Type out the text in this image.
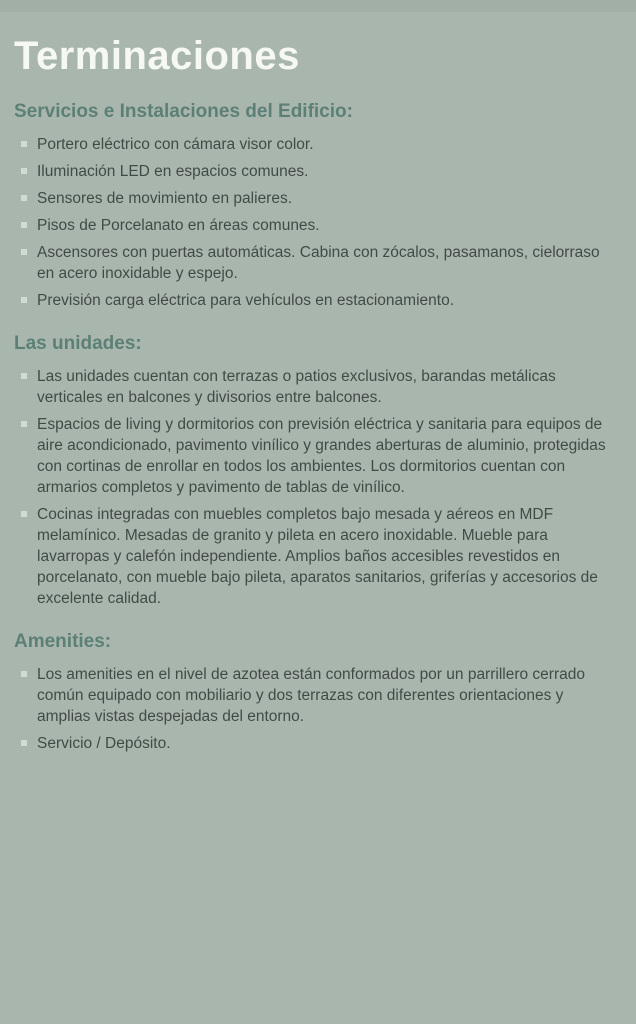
Terminaciones
Servicios e Instalaciones del Edificio:
Portero eléctrico con cámara visor color.
Iluminación LED en espacios comunes.
Sensores de movimiento en palieres.
Pisos de Porcelanato en áreas comunes.
Ascensores con puertas automáticas. Cabina con zócalos, pasamanos, cielorraso en acero inoxidable y espejo.
Previsión carga eléctrica para vehículos en estacionamiento.
Las unidades:
Las unidades cuentan con terrazas o patios exclusivos, barandas metálicas verticales en balcones y divisorios entre balcones.
Espacios de living y dormitorios con previsión eléctrica y sanitaria para equipos de aire acondicionado, pavimento vinílico y grandes aberturas de aluminio, protegidas con cortinas de enrollar en todos los ambientes. Los dormitorios cuentan con armarios completos y pavimento de tablas de vinílico.
Cocinas integradas con muebles completos bajo mesada y aéreos en MDF melamínico. Mesadas de granito y pileta en acero inoxidable. Mueble para lavarropas y calefón independiente. Amplios baños accesibles revestidos en porcelanato, con mueble bajo pileta, aparatos sanitarios, griferías y accesorios de excelente calidad.
Amenities:
Los amenities en el nivel de azotea están conformados por un parrillero cerrado común equipado con mobiliario y dos terrazas con diferentes orientaciones y amplias vistas despejadas del entorno.
Servicio / Depósito.
